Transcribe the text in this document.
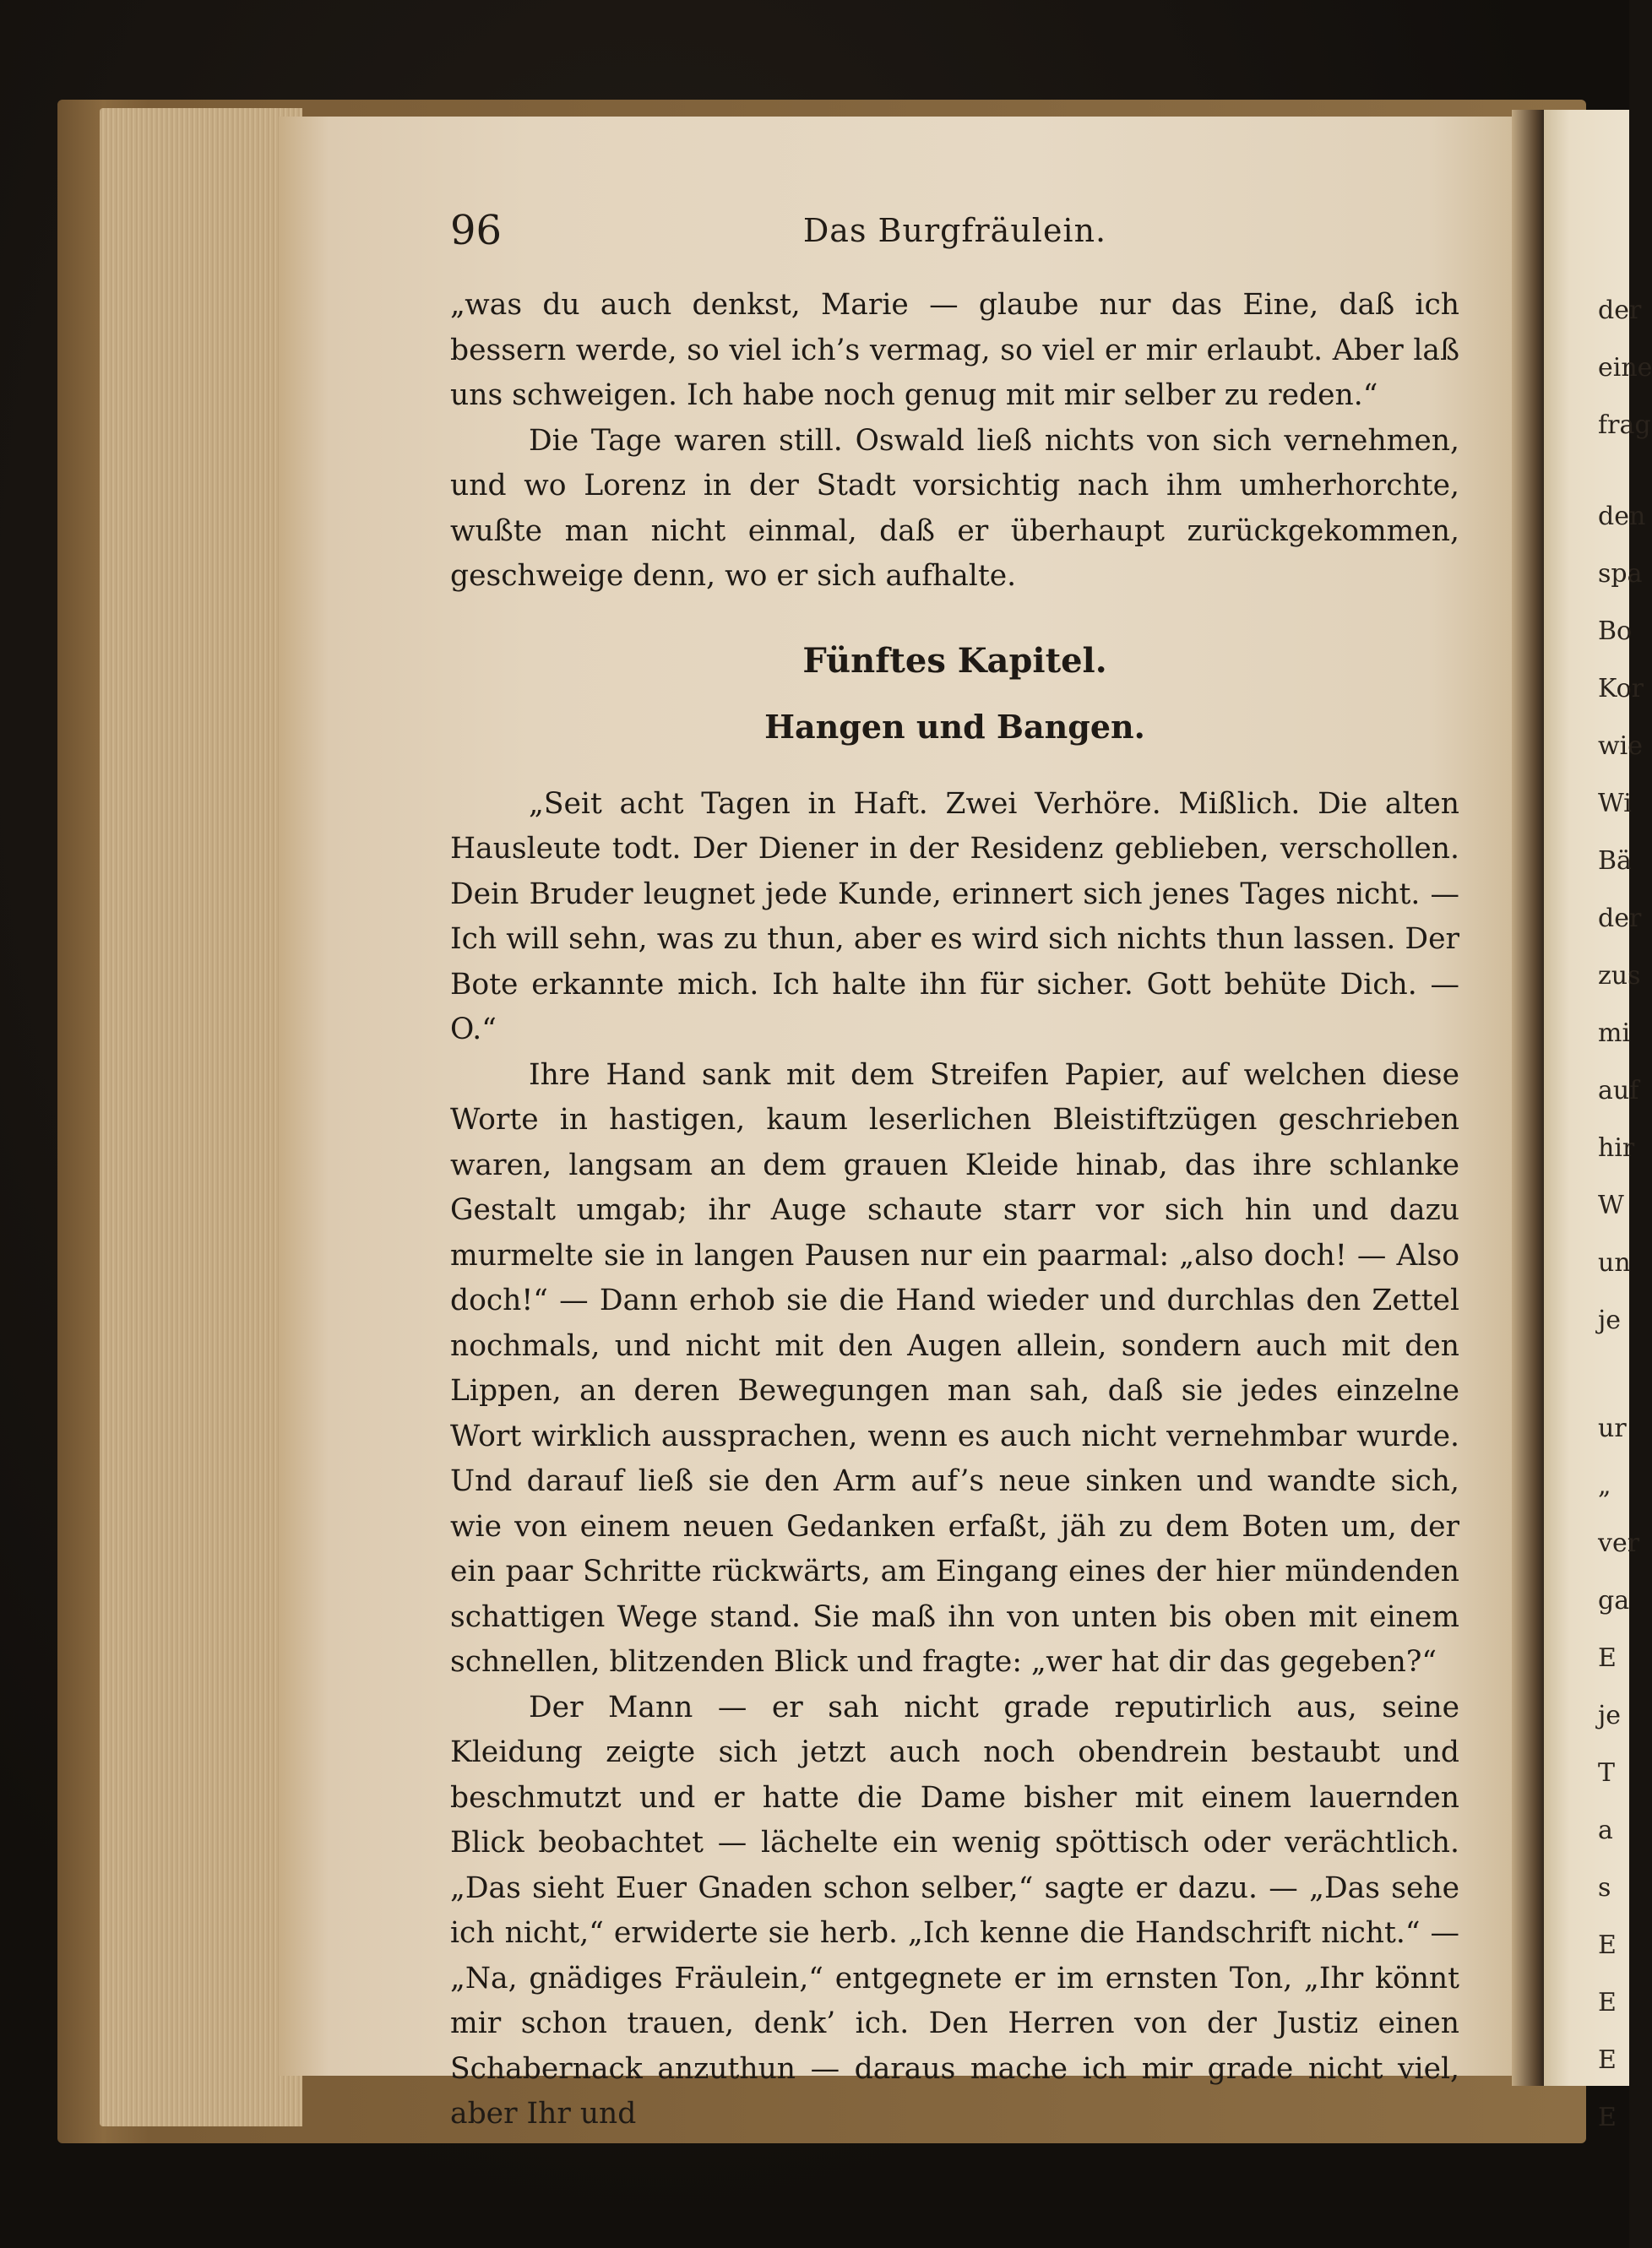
der
eine
frag
den
spa
Bo
Kor
wie
Wi
Bä
der
zus
mi
auf
hir
W
un
je
ur
„
ver
ga
E
je
T
a
s
E
E
E
E
96	Das Burgfräulein.

„was du auch denkst, Marie — glaube nur das Eine, daß ich bessern werde, so viel ich’s vermag, so viel er mir erlaubt. Aber laß uns schweigen. Ich habe noch genug mit mir selber zu reden.“

Die Tage waren still. Oswald ließ nichts von sich vernehmen, und wo Lorenz in der Stadt vorsichtig nach ihm umherhorchte, wußte man nicht einmal, daß er überhaupt zurückgekommen, geschweige denn, wo er sich aufhalte.

Fünftes Kapitel.
Hangen und Bangen.

„Seit acht Tagen in Haft. Zwei Verhöre. Mißlich. Die alten Hausleute todt. Der Diener in der Residenz geblieben, verschollen. Dein Bruder leugnet jede Kunde, erinnert sich jenes Tages nicht. — Ich will sehn, was zu thun, aber es wird sich nichts thun lassen. Der Bote erkannte mich. Ich halte ihn für sicher. Gott behüte Dich. — O.“

Ihre Hand sank mit dem Streifen Papier, auf welchen diese Worte in hastigen, kaum leserlichen Bleistiftzügen geschrieben waren, langsam an dem grauen Kleide hinab, das ihre schlanke Gestalt umgab; ihr Auge schaute starr vor sich hin und dazu murmelte sie in langen Pausen nur ein paarmal: „also doch! — Also doch!“ — Dann erhob sie die Hand wieder und durchlas den Zettel nochmals, und nicht mit den Augen allein, sondern auch mit den Lippen, an deren Bewegungen man sah, daß sie jedes einzelne Wort wirklich aussprachen, wenn es auch nicht vernehmbar wurde. Und darauf ließ sie den Arm auf’s neue sinken und wandte sich, wie von einem neuen Gedanken erfaßt, jäh zu dem Boten um, der ein paar Schritte rückwärts, am Eingang eines der hier mündenden schattigen Wege stand. Sie maß ihn von unten bis oben mit einem schnellen, blitzenden Blick und fragte: „wer hat dir das gegeben?“

Der Mann — er sah nicht grade reputirlich aus, seine Kleidung zeigte sich jetzt auch noch obendrein bestaubt und beschmutzt und er hatte die Dame bisher mit einem lauernden Blick beobachtet — lächelte ein wenig spöttisch oder verächtlich. „Das sieht Euer Gnaden schon selber,“ sagte er dazu. — „Das sehe ich nicht,“ erwiderte sie herb. „Ich kenne die Handschrift nicht.“ — „Na, gnädiges Fräulein,“ entgegnete er im ernsten Ton, „Ihr könnt mir schon trauen, denk’ ich. Den Herren von der Justiz einen Schabernack anzuthun — daraus mache ich mir grade nicht viel, aber Ihr und
